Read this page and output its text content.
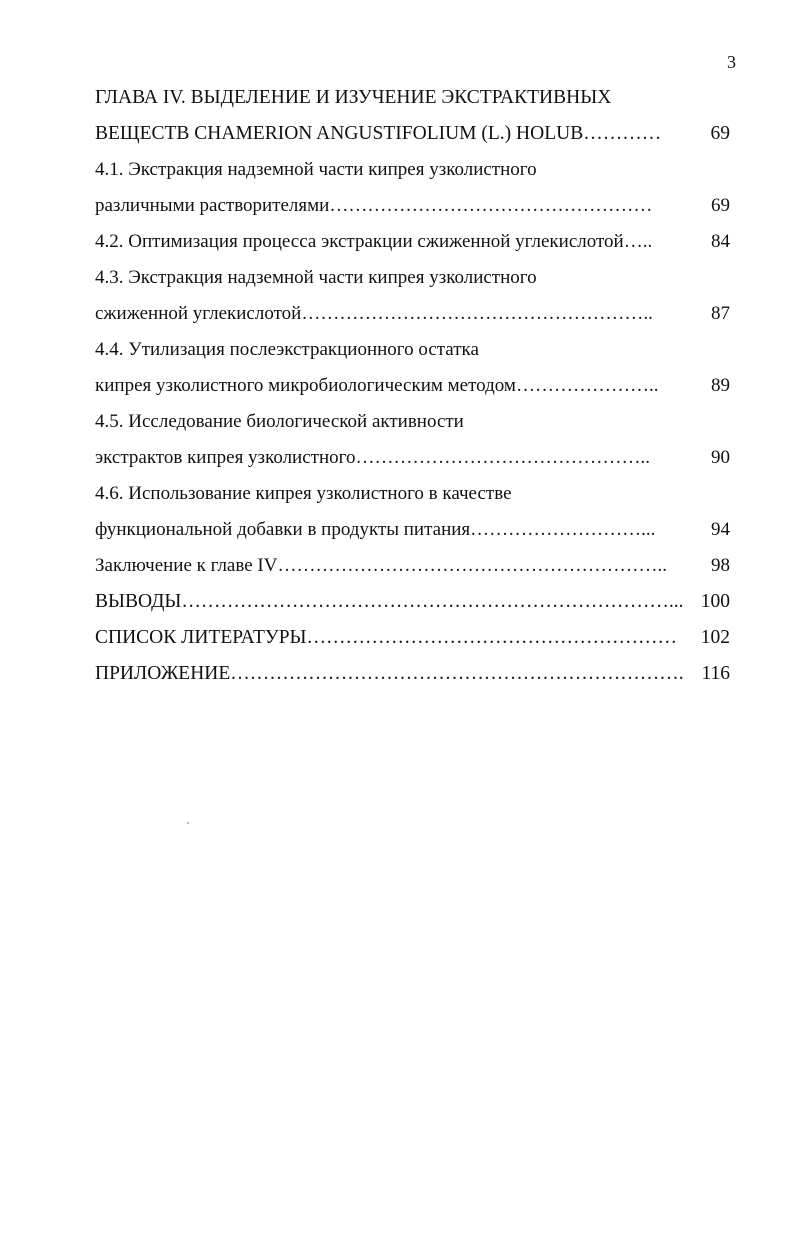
3
ГЛАВА IV. ВЫДЕЛЕНИЕ И ИЗУЧЕНИЕ ЭКСТРАКТИВНЫХ
ВЕЩЕСТВ CHAMERION ANGUSTIFOLIUM (L.) HOLUB…………	69
4.1. Экстракция надземной части кипрея узколистного
различными растворителями……………………………………………	69
4.2. Оптимизация процесса экстракции сжиженной углекислотой…..	84
4.3. Экстракция надземной части кипрея узколистного
сжиженной углекислотой………………………………………………..	87
4.4. Утилизация послеэкстракционного остатка
кипрея узколистного микробиологическим методом…………………..	89
4.5. Исследование биологической активности
экстрактов кипрея узколистного………………………………………..	90
4.6. Использование кипрея узколистного в качестве
функциональной добавки в продукты питания………………………...	94
Заключение к главе IV…………………………………………………….. 98
ВЫВОДЫ…………………………………………………………………... 100
СПИСОК ЛИТЕРАТУРЫ………………………………………………… 102
ПРИЛОЖЕНИЕ……………………………………………………………. 116
